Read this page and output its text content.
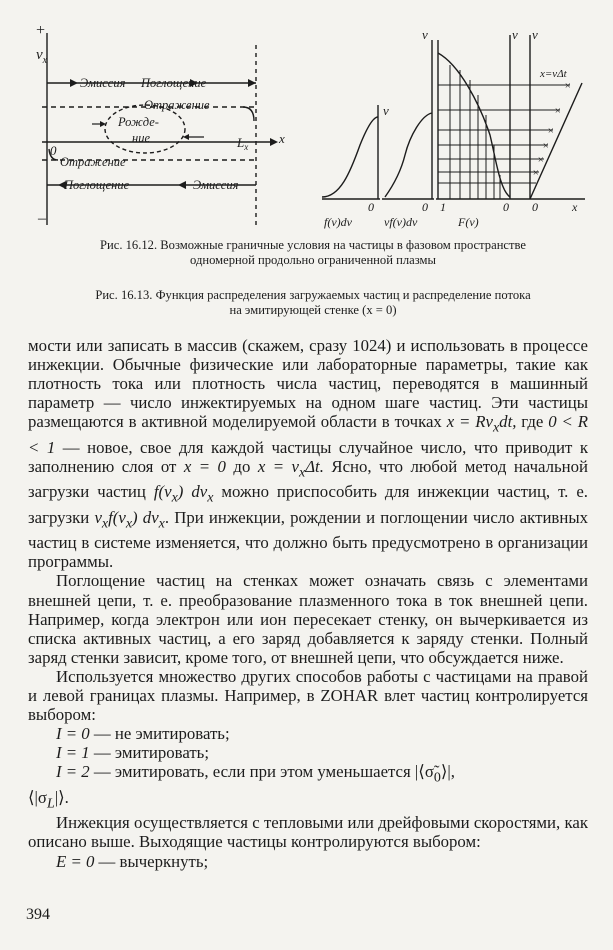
+
$v_x$
–
0
$L_x$
x
Эмиссия Поглощение
Отражение
Рожде-
ние
Отражение
Поглощение	Эмиссия
×
×
×
×
×
×
v
v	v v
x=vΔt
0	0 1	0 0	x
f(v)dv	vf(v)dv	F(v)
Рис. 16.12. Возможные граничные условия на частицы в фазовом пространстве
одномерной продольно ограниченной плазмы
Рис. 16.13. Функция распределения загружаемых частиц и распределение потока
на эмитирующей стенке (x = 0)

мости или записать в массив (скажем, сразу 1024) и использовать в процессе инжекции. Обычные физические или лабораторные параметры, такие как плотность тока или плотность числа частиц, переводятся в машинный параметр — число инжектируемых на одном шаге частиц. Эти частицы размещаются в активной моделируемой области в точках $x = Rv_xdt$, где 0 < R < 1 — новое, свое для каждой частицы случайное число, что приводит к заполнению слоя от x = 0 до $x = v_x\Delta t$. Ясно, что любой метод начальной загрузки частиц $f(v_x)$ $dv_x$ можно приспособить для инжекции частиц, т. е. загрузки $v_xf(v_x)$ $dv_x$. При инжекции, рождении и поглощении число активных частиц в системе изменяется, что должно быть предусмотрено в организации программы.

Поглощение частиц на стенках может означать связь с элементами внешней цепи, т. е. преобразование плазменного тока в ток внешней цепи. Например, когда электрон или ион пересекает стенку, он вычеркивается из списка активных частиц, а его заряд добавляется к заряду стенки. Полный заряд стенки зависит, кроме того, от внешней цепи, что обсуждается ниже.

Используется множество других способов работы с частицами на правой и левой границах плазмы. Например, в ZOHAR влет частиц контролируется выбором:

I = 0 — не эмитировать;

I = 1 — эмитировать;

I = 2 — эмитировать, если при этом уменьшается $|⟨\sigmã_0⟩|$,

$⟨|\sigma_L|⟩$.

Инжекция осуществляется с тепловыми или дрейфовыми скоростями, как описано выше. Выходящие частицы контролируются выбором:

E = 0 — вычеркнуть;

394
